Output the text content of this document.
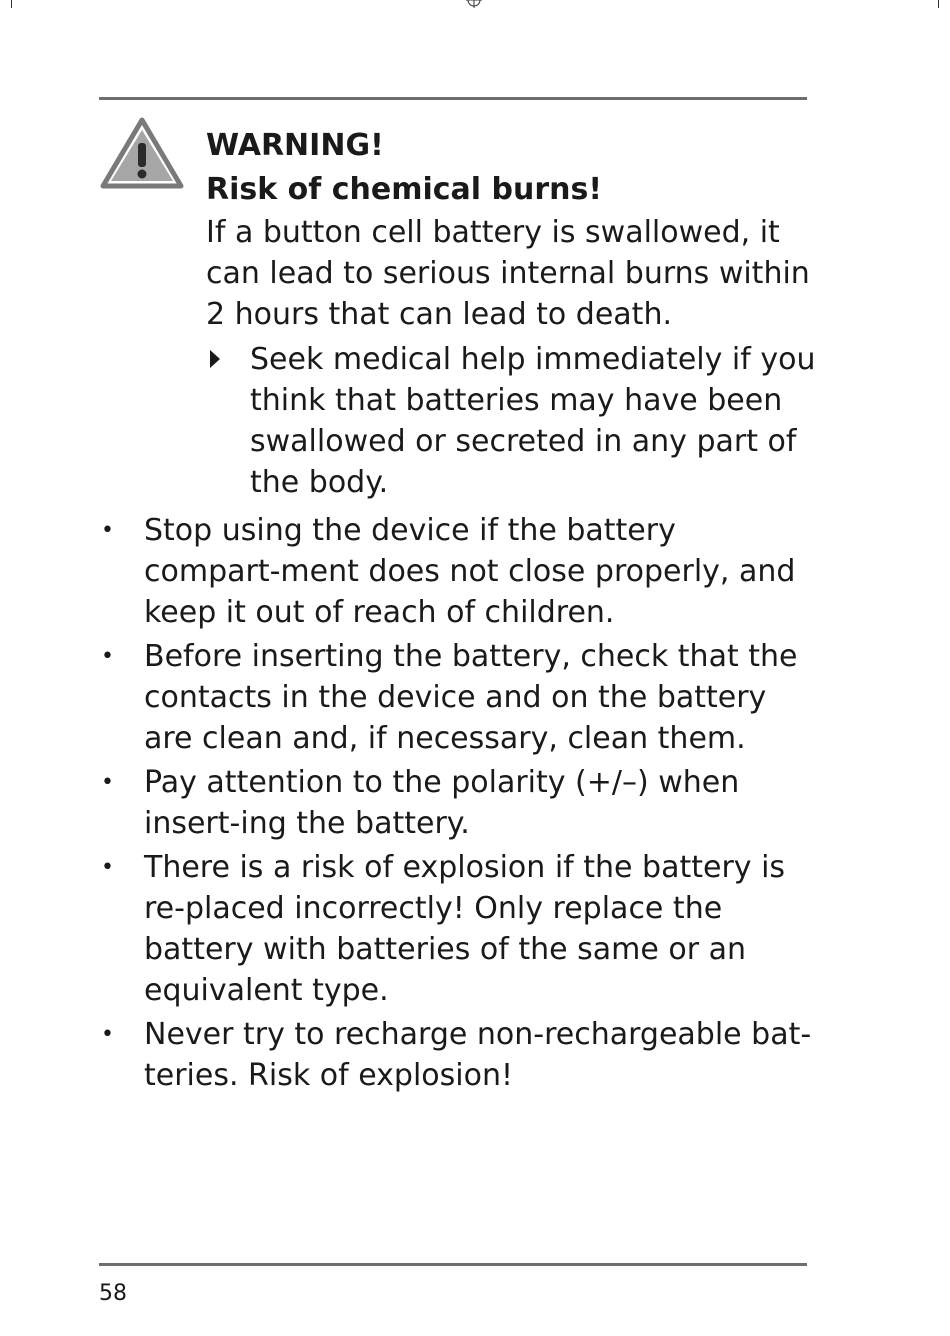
WARNING!
Risk of chemical burns!

If a button cell battery is swallowed, it can lead to serious internal burns within 2 hours that can lead to death.

Seek medical help immediately if you think that batteries may have been swallowed or secreted in any part of the body.
• Stop using the device if the battery compart-ment does not close properly, and keep it out of reach of children.
• Before inserting the battery, check that the contacts in the device and on the battery are clean and, if necessary, clean them.
• Pay attention to the polarity (+/–) when insert-ing the battery.
• There is a risk of explosion if the battery is re-placed incorrectly! Only replace the battery with batteries of the same or an equivalent type.
• Never try to recharge non-rechargeable bat-teries. Risk of explosion!
58
